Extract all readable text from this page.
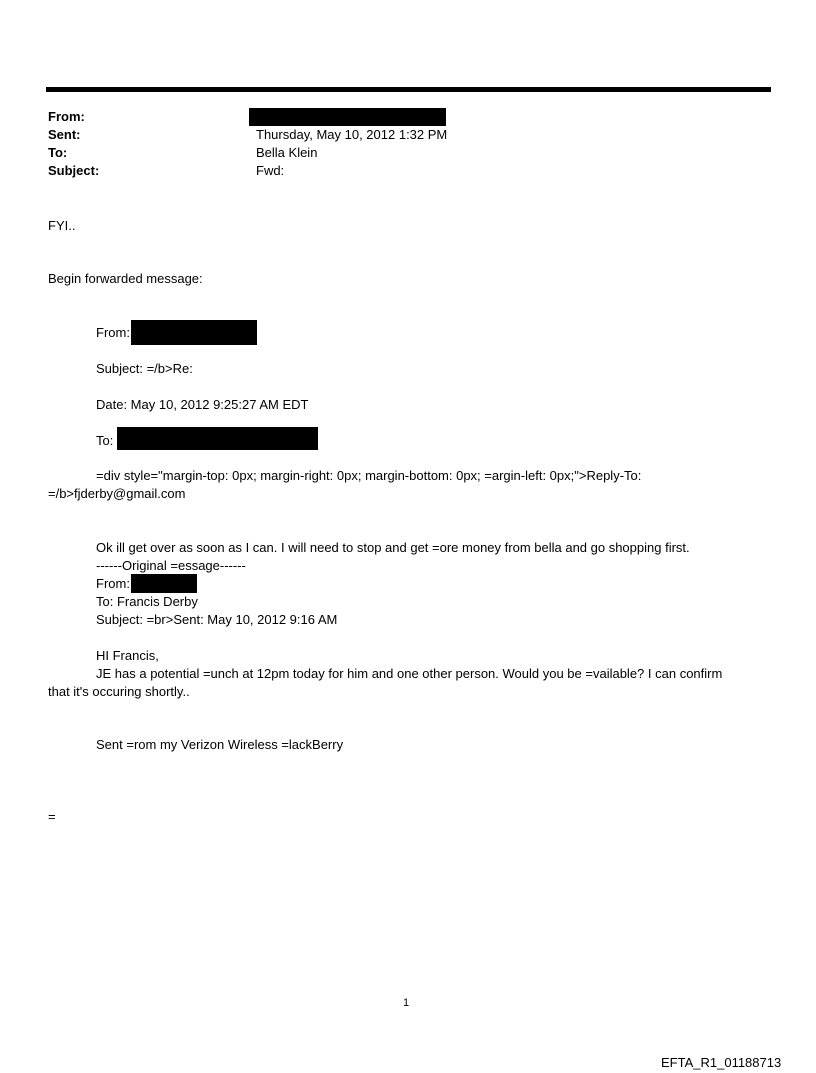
From:
Sent:	Thursday, May 10, 2012 1:32 PM
To:	Bella Klein
Subject:	Fwd:
FYI..
Begin forwarded message:
From:
Subject: =/b>Re:
Date: May 10, 2012 9:25:27 AM EDT
To:
=div style="margin-top: 0px; margin-right: 0px; margin-bottom: 0px; =argin-left: 0px;">Reply-To:
=/b>fjderby@gmail.com
Ok ill get over as soon as I can. I will need to stop and get =ore money from bella and go shopping first.
------Original =essage------
From:
To: Francis Derby
Subject: =br>Sent: May 10, 2012 9:16 AM
HI Francis,
JE has a potential =unch at 12pm today for him and one other person. Would you be =vailable? I can confirm
that it's occuring shortly..
Sent =rom my Verizon Wireless =lackBerry
=
1
EFTA_R1_01188713
